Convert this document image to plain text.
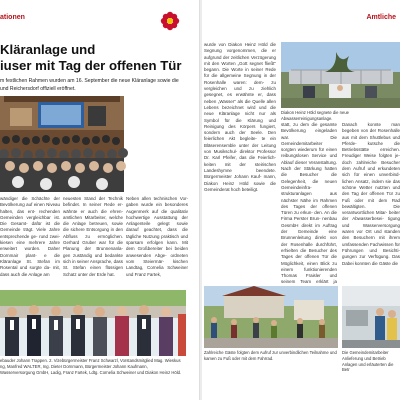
ationen
Kläranlage und
iuser mit Tag der offenen Tür
m festlichen Rahmen wurden am 16. September die neue Kläranlage sowie die
und Reichersdorf offiziell eröffnet.
wändiger die Schächte der Bevölkerung auf einen Niveau halten, das ent- rechenden Gemeinden vergleichbar ist. Die Gesamt- dafür ist die Gemeinde trägt. Viele Jahre entsprechende ge- rund zwei- kiesen eine mehrere Jahre erweitert worden. Daher Dornmair plant- e die Kläranlage St. Stefan im Rosental und sorgte da- mit, dass auch die Anlage am
neuesten Stand der Technik befindet. In seiner Rede er- wähnte er auch die ehren- amtlichen Mitarbeiter, welche die Anlage betreuen, sowie die sichere Entsorgung in den Abfluss zu ermöglichen. Gerhard Gruber war für die Planung der Brunnenanla- gen zuständig und bedankte sich in seiner Ansprache, dass St. Stefan einen flüssigen Schatz unter der Erde hat.
Neben allen technischen Vor- gaben wurde ein besonderes Augenmerk auf die qualitativ hochwertige Ausstattung der Anlagenteile gelegt sowie darauf geachtet, dass die tägliche Nutzung praktisch und sparsam erfolgen kann. Mit dem Großbereiter bei beiden anwesenden Abge- ordneten vom Steiermär- kischen Landtag, Cornelia Schweiner und Franz Fartek,
ebauder Johann Trappen. 2. Vizebürgermeister Franz Schwarzl, Vorstandsmitglied Mag. Wieskus
ng, Manfred WALTER, Ing. Dieter Dornmann, Bürgermeister Johann Kaufmann,
Wasserversorgung GmbH, Ladig, Franz Fartek, Ldtg. Cornelia Schweiner und Diakon Heinz Höld.
Amtliche
wurde von Diakon Heinz Höld die Segnung vorgenommen, die er aufgrund der zeitlichen Verzögerung mit den Worten „Gott segnet fließt" begann. Die Worte in seiner Rede für die allgemeine Segnung in der Rosenhalle waren: dem- zu vergleichen und zu ziehlich gesegnet, es erwähnte er, dass neben „Wasser" als die Quelle allen Lebens bezeichnet wird und die neue Kläranlage nicht nur als Symbol für die Klärung und Reinigung des Körpers fungiert, sondern auch der Seele. Den feierlichen Akt begleite- te ein Bläserensemble unter der Leitung von Musikschul- direktor Professor Dr. Karl Pfeifer, das die Feierlich- keiten mit der steirischen Landeshymne beendete. Bürgermeister Johann Kauf- mann, Diakon Heinz Höld sowie die Gemeinderat hoch beteiligt.
Diakon Heinz Höld segnete die neue Abwasserreinigungsanlage.
statt, zu dem die gesamte Bevölkerung eingeladen war. Die Gemeindemitarbeiter sorgten wiederum für einen reibungslosen Service und Ablauf dieser Veranstaltung. Nach der Stärkung hatten die Besucher die Gelegenheit, die neuen Gemeindeinfra- strukturanlagen aus nächster Nähe im Rahmen des Tages der offenen Türen zu erkun- den. An die Firma Perster Brun- nenbau GesmbH direkt im Auftrag der Gemeinde eine Brunnenleitung direkt von der Rosenhalle durchführt, erhielten die Besucher des Tages der offenen Tür die Möglichkeit, einen Blick zu einem funktionierenden Thomas Fraisler und seinem Team erklärt ja
Danach konnte man begeben von der Rosenhalle aus mit dem Shuttlebus und Pferde- kutsche die Betriebsstätte erreichen. Freudiger Weise folgten je- doch zahlreiche Besucher dem Aufruf und erkundeten sich für einen unverbind- lichen Ansatz, indem sie das schöne Wetter nutzten und den Tag der offenen Tür zu Fuß oder mit dem Rad bewältigten. Die verantwortlichen Mitar- beiter der Abwasserbesei- tigung und Wasserversorgung waren vor Ort und standen den Besuchern mit ihrem umfassenden Fachwissen für Führungen und Besichti- gungen zur Verfügung. Das Dabei konnten die Gäste die
Zahlreiche Gäste folgten dem Aufruf zur unverbindlichen Teilnahme und kamen zu Fuß oder mit dem Fahrrad.
Die Gemeindemitarbeiter Anlieferung und Betrieb Anlagen und erläuterten die Betr
